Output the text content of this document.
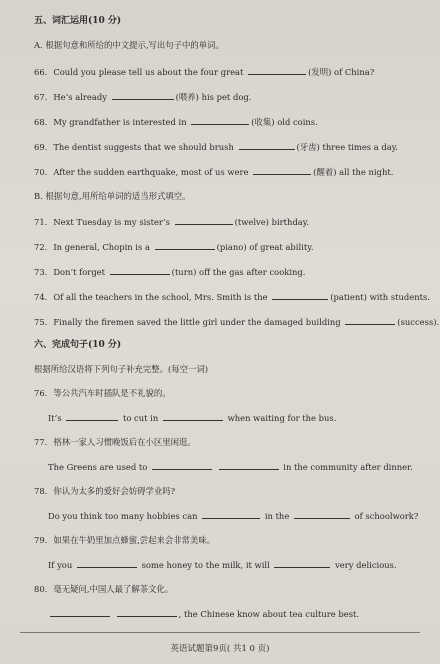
五、词汇运用(10 分)
A. 根据句意和所给的中文提示,写出句子中的单词。
66. Could you please tell us about the four great	(发明) of China?
67. He’s already	(喂养) his pet dog.
68. My grandfather is interested in	(收集) old coins.
69. The dentist suggests that we should brush	(牙齿) three times a day.
70. After the sudden earthquake, most of us were	(醒着) all the night.
B. 根据句意,用所给单词的适当形式填空。
71. Next Tuesday is my sister’s	(twelve) birthday.
72. In general, Chopin is a	(piano) of great ability.
73. Don’t forget	(turn) off the gas after cooking.
74. Of all the teachers in the school, Mrs. Smith is the	(patient) with students.
75. Finally the firemen saved the little girl under the damaged building	(success).
六、完成句子(10 分)
根据所给汉语将下列句子补充完整。(每空一词)
76. 等公共汽车时插队是不礼貌的。
It’s	to cut in	when waiting for the bus.
77. 格林一家人习惯晚饭后在小区里闲逛。
The Greens are used to	in the community after dinner.
78. 你认为太多的爱好会妨碍学业吗?
Do you think too many hobbies can	in the	of schoolwork?
79. 如果在牛奶里加点蜂蜜,尝起来会非常美味。
If you	some honey to the milk, it will	very delicious.
80. 毫无疑问,中国人最了解茶文化。
, the Chinese know about tea culture best.
英语试题第9页( 共1 0 页)
